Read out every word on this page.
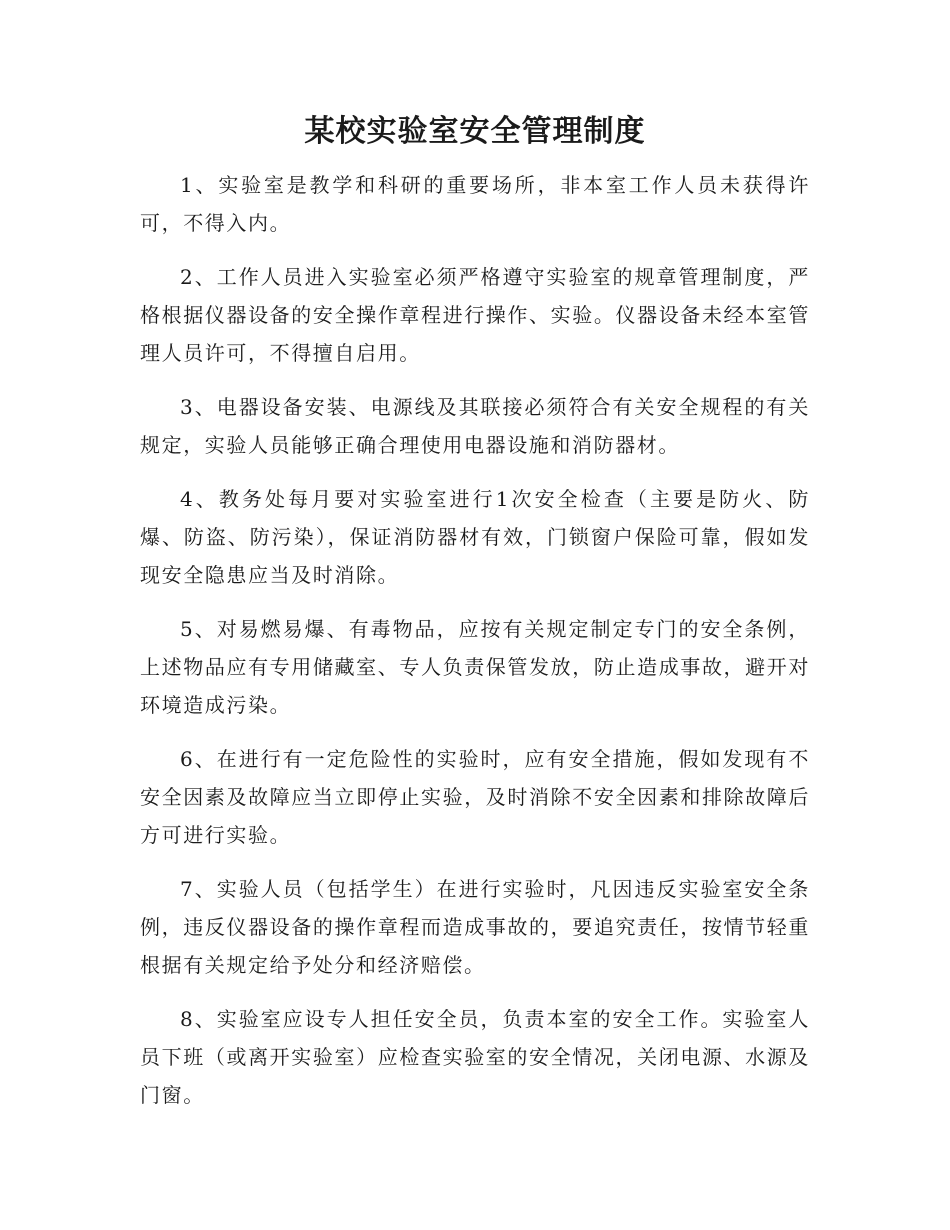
某校实验室安全管理制度

1、实验室是教学和科研的重要场所，非本室工作人员未获得许可，不得入内。

2、工作人员进入实验室必须严格遵守实验室的规章管理制度，严格根据仪器设备的安全操作章程进行操作、实验。仪器设备未经本室管理人员许可，不得擅自启用。

3、电器设备安装、电源线及其联接必须符合有关安全规程的有关规定，实验人员能够正确合理使用电器设施和消防器材。

4、教务处每月要对实验室进行1次安全检查（主要是防火、防爆、防盗、防污染），保证消防器材有效，门锁窗户保险可靠，假如发现安全隐患应当及时消除。

5、对易燃易爆、有毒物品，应按有关规定制定专门的安全条例，上述物品应有专用储藏室、专人负责保管发放，防止造成事故，避开对环境造成污染。

6、在进行有一定危险性的实验时，应有安全措施，假如发现有不安全因素及故障应当立即停止实验，及时消除不安全因素和排除故障后方可进行实验。

7、实验人员（包括学生）在进行实验时，凡因违反实验室安全条例，违反仪器设备的操作章程而造成事故的，要追究责任，按情节轻重根据有关规定给予处分和经济赔偿。

8、实验室应设专人担任安全员，负责本室的安全工作。实验室人员下班（或离开实验室）应检查实验室的安全情况，关闭电源、水源及门窗。
